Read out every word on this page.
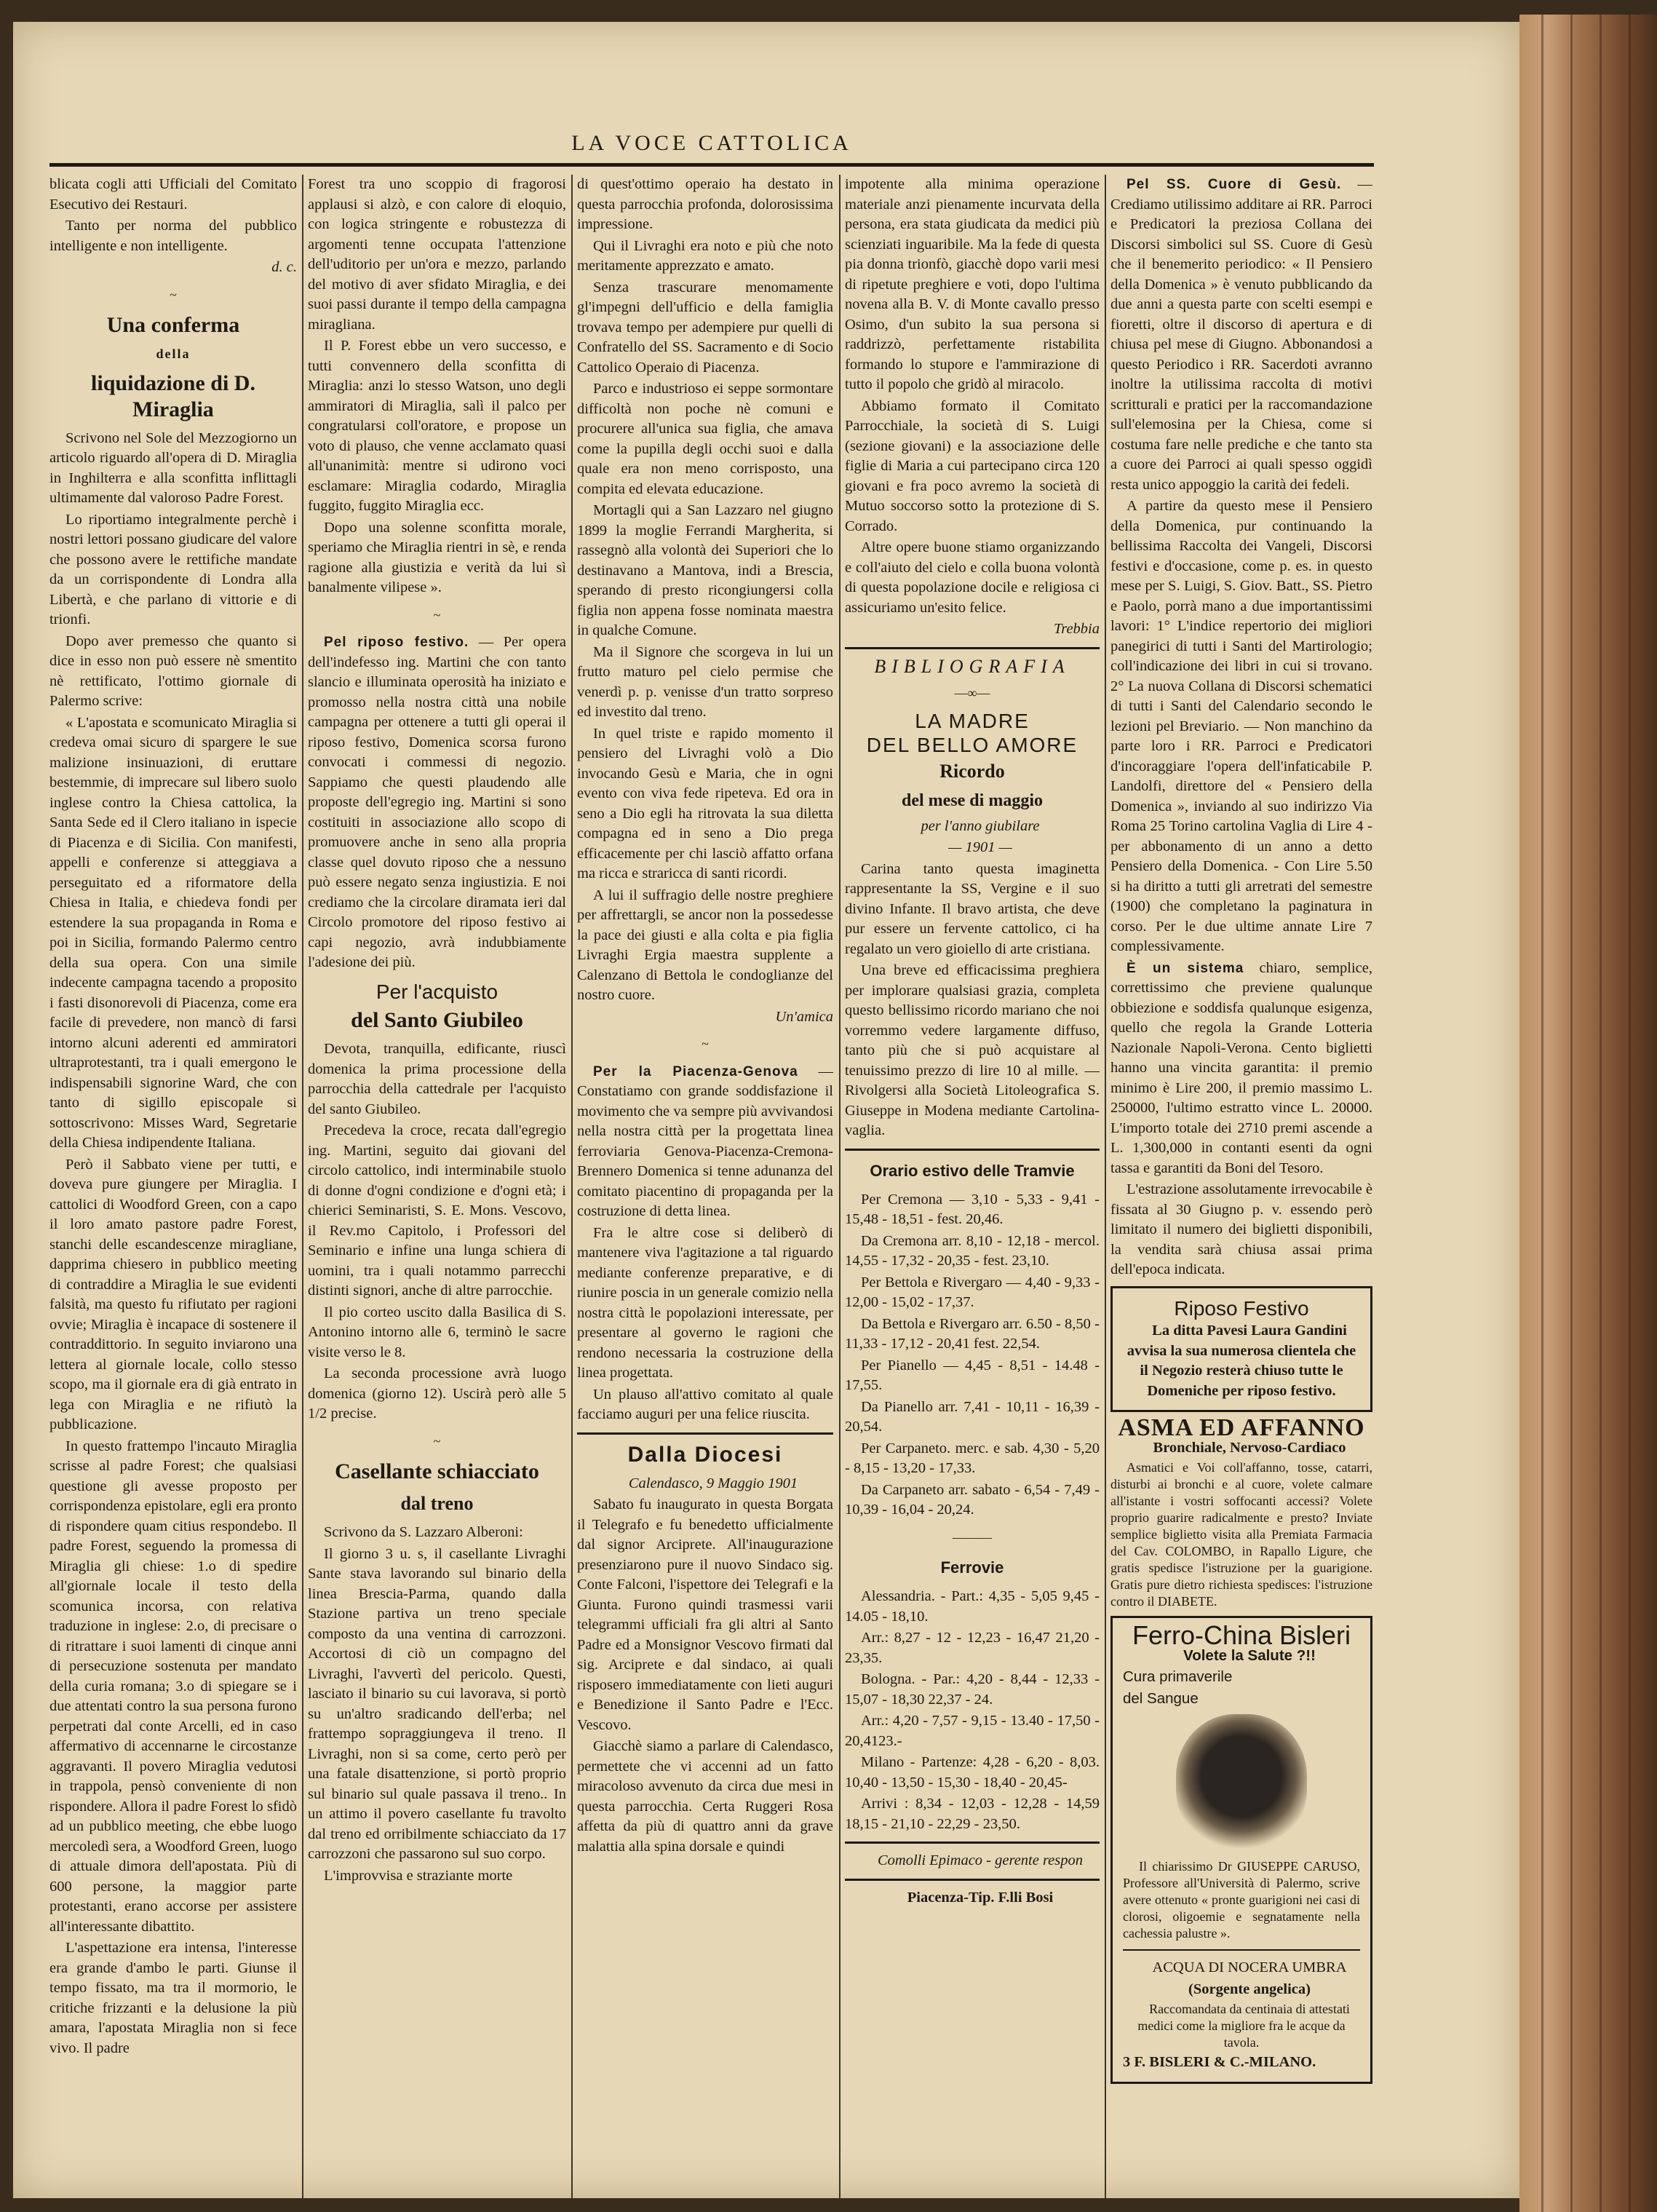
LA VOCE CATTOLICA

blicata cogli atti Ufficiali del Comitato Esecutivo dei Restauri.

Tanto per norma del pubblico intelligente e non intelligente.

d. c.

~
Una conferma
della
liquidazione di D. Miraglia

Scrivono nel Sole del Mezzogiorno un articolo riguardo all'opera di D. Miraglia in Inghilterra e alla sconfitta inflittagli ultimamente dal valoroso Padre Forest.

Lo riportiamo integralmente perchè i nostri lettori possano giudicare del valore che possono avere le rettifiche mandate da un corrispondente di Londra alla Libertà, e che parlano di vittorie e di trionfi.

Dopo aver premesso che quanto si dice in esso non può essere nè smentito nè rettificato, l'ottimo giornale di Palermo scrive:

« L'apostata e scomunicato Miraglia si credeva omai sicuro di spargere le sue malizione insinuazioni, di eruttare bestemmie, di imprecare sul libero suolo inglese contro la Chiesa cattolica, la Santa Sede ed il Clero italiano in ispecie di Piacenza e di Sicilia. Con manifesti, appelli e conferenze si atteggiava a perseguitato ed a riformatore della Chiesa in Italia, e chiedeva fondi per estendere la sua propaganda in Roma e poi in Sicilia, formando Palermo centro della sua opera. Con una simile indecente campagna tacendo a proposito i fasti disonorevoli di Piacenza, come era facile di prevedere, non mancò di farsi intorno alcuni aderenti ed ammiratori ultraprotestanti, tra i quali emergono le indispensabili signorine Ward, che con tanto di sigillo episcopale si sottoscrivono: Misses Ward, Segretarie della Chiesa indipendente Italiana.

Però il Sabbato viene per tutti, e doveva pure giungere per Miraglia. I cattolici di Woodford Green, con a capo il loro amato pastore padre Forest, stanchi delle escandescenze miragliane, dapprima chiesero in pubblico meeting di contraddire a Miraglia le sue evidenti falsità, ma questo fu rifiutato per ragioni ovvie; Miraglia è incapace di sostenere il contraddittorio. In seguito inviarono una lettera al giornale locale, collo stesso scopo, ma il giornale era di già entrato in lega con Miraglia e ne rifiutò la pubblicazione.

In questo frattempo l'incauto Miraglia scrisse al padre Forest; che qualsiasi questione gli avesse proposto per corrispondenza epistolare, egli era pronto di rispondere quam citius respondebo. Il padre Forest, seguendo la promessa di Miraglia gli chiese: 1.o di spedire all'giornale locale il testo della scomunica incorsa, con relativa traduzione in inglese: 2.o, di precisare o di ritrattare i suoi lamenti di cinque anni di persecuzione sostenuta per mandato della curia romana; 3.o di spiegare se i due attentati contro la sua persona furono perpetrati dal conte Arcelli, ed in caso affermativo di accennarne le circostanze aggravanti. Il povero Miraglia vedutosi in trappola, pensò conveniente di non rispondere. Allora il padre Forest lo sfidò ad un pubblico meeting, che ebbe luogo mercoledì sera, a Woodford Green, luogo di attuale dimora dell'apostata. Più di 600 persone, la maggior parte protestanti, erano accorse per assistere all'interessante dibattito.

L'aspettazione era intensa, l'interesse era grande d'ambo le parti. Giunse il tempo fissato, ma tra il mormorio, le critiche frizzanti e la delusione la più amara, l'apostata Miraglia non si fece vivo. Il padre

Forest tra uno scoppio di fragorosi applausi si alzò, e con calore di eloquio, con logica stringente e robustezza di argomenti tenne occupata l'attenzione dell'uditorio per un'ora e mezzo, parlando del motivo di aver sfidato Miraglia, e dei suoi passi durante il tempo della campagna miragliana.

Il P. Forest ebbe un vero successo, e tutti convennero della sconfitta di Miraglia: anzi lo stesso Watson, uno degli ammiratori di Miraglia, salì il palco per congratularsi coll'oratore, e propose un voto di plauso, che venne acclamato quasi all'unanimità: mentre si udirono voci esclamare: Miraglia codardo, Miraglia fuggito, fuggito Miraglia ecc.

Dopo una solenne sconfitta morale, speriamo che Miraglia rientri in sè, e renda ragione alla giustizia e verità da lui sì banalmente vilipese ».

~

Pel riposo festivo. — Per opera dell'indefesso ing. Martini che con tanto slancio e illuminata operosità ha iniziato e promosso nella nostra città una nobile campagna per ottenere a tutti gli operai il riposo festivo, Domenica scorsa furono convocati i commessi di negozio. Sappiamo che questi plaudendo alle proposte dell'egregio ing. Martini si sono costituiti in associazione allo scopo di promuovere anche in seno alla propria classe quel dovuto riposo che a nessuno può essere negato senza ingiustizia. E noi crediamo che la circolare diramata ieri dal Circolo promotore del riposo festivo ai capi negozio, avrà indubbiamente l'adesione dei più.

Per l'acquisto
del Santo Giubileo

Devota, tranquilla, edificante, riuscì domenica la prima processione della parrocchia della cattedrale per l'acquisto del santo Giubileo.

Precedeva la croce, recata dall'egregio ing. Martini, seguito dai giovani del circolo cattolico, indi interminabile stuolo di donne d'ogni condizione e d'ogni età; i chierici Seminaristi, S. E. Mons. Vescovo, il Rev.mo Capitolo, i Professori del Seminario e infine una lunga schiera di uomini, tra i quali notammo parrecchi distinti signori, anche di altre parrocchie.

Il pio corteo uscito dalla Basilica di S. Antonino intorno alle 6, terminò le sacre visite verso le 8.

La seconda processione avrà luogo domenica (giorno 12). Uscirà però alle 5 1/2 precise.

~
Casellante schiacciato
dal treno

Scrivono da S. Lazzaro Alberoni:

Il giorno 3 u. s, il casellante Livraghi Sante stava lavorando sul binario della linea Brescia-Parma, quando dalla Stazione partiva un treno speciale composto da una ventina di carrozzoni. Accortosi di ciò un compagno del Livraghi, l'avvertì del pericolo. Questi, lasciato il binario su cui lavorava, si portò su un'altro sradicando dell'erba; nel frattempo sopraggiungeva il treno. Il Livraghi, non si sa come, certo però per una fatale disattenzione, si portò proprio sul binario sul quale passava il treno.. In un attimo il povero casellante fu travolto dal treno ed orribilmente schiacciato da 17 carrozzoni che passarono sul suo corpo.

L'improvvisa e straziante morte

di quest'ottimo operaio ha destato in questa parrocchia profonda, dolorosissima impressione.

Qui il Livraghi era noto e più che noto meritamente apprezzato e amato.

Senza trascurare menomamente gl'impegni dell'ufficio e della famiglia trovava tempo per adempiere pur quelli di Confratello del SS. Sacramento e di Socio Cattolico Operaio di Piacenza.

Parco e industrioso ei seppe sormontare difficoltà non poche nè comuni e procurere all'unica sua figlia, che amava come la pupilla degli occhi suoi e dalla quale era non meno corrisposto, una compita ed elevata educazione.

Mortagli qui a San Lazzaro nel giugno 1899 la moglie Ferrandi Margherita, si rassegnò alla volontà dei Superiori che lo destinavano a Mantova, indi a Brescia, sperando di presto ricongiungersi colla figlia non appena fosse nominata maestra in qualche Comune.

Ma il Signore che scorgeva in lui un frutto maturo pel cielo permise che venerdì p. p. venisse d'un tratto sorpreso ed investito dal treno.

In quel triste e rapido momento il pensiero del Livraghi volò a Dio invocando Gesù e Maria, che in ogni evento con viva fede ripeteva. Ed ora in seno a Dio egli ha ritrovata la sua diletta compagna ed in seno a Dio prega efficacemente per chi lasciò affatto orfana ma ricca e straricca di santi ricordi.

A lui il suffragio delle nostre preghiere per affrettargli, se ancor non la possedesse la pace dei giusti e alla colta e pia figlia Livraghi Ergia maestra supplente a Calenzano di Bettola le condoglianze del nostro cuore.

Un'amica

~

Per la Piacenza-Genova — Constatiamo con grande soddisfazione il movimento che va sempre più avvivandosi nella nostra città per la progettata linea ferroviaria Genova-Piacenza-Cremona-Brennero Domenica si tenne adunanza del comitato piacentino di propaganda per la costruzione di detta linea.

Fra le altre cose si deliberò di mantenere viva l'agitazione a tal riguardo mediante conferenze preparative, e di riunire poscia in un generale comizio nella nostra città le popolazioni interessate, per presentare al governo le ragioni che rendono necessaria la costruzione della linea progettata.

Un plauso all'attivo comitato al quale facciamo auguri per una felice riuscita.

Dalla Diocesi

Calendasco, 9 Maggio 1901

Sabato fu inaugurato in questa Borgata il Telegrafo e fu benedetto ufficialmente dal signor Arciprete. All'inaugurazione presenziarono pure il nuovo Sindaco sig. Conte Falconi, l'ispettore dei Telegrafi e la Giunta. Furono quindi trasmessi varii telegrammi ufficiali fra gli altri al Santo Padre ed a Monsignor Vescovo firmati dal sig. Arciprete e dal sindaco, ai quali risposero immediatamente con lieti auguri e Benedizione il Santo Padre e l'Ecc. Vescovo.

Giacchè siamo a parlare di Calendasco, permettete che vi accenni ad un fatto miracoloso avvenuto da circa due mesi in questa parrocchia. Certa Ruggeri Rosa affetta da più di quattro anni da grave malattia alla spina dorsale e quindi

impotente alla minima operazione materiale anzi pienamente incurvata della persona, era stata giudicata da medici più scienziati inguaribile. Ma la fede di questa pia donna trionfò, giacchè dopo varii mesi di ripetute preghiere e voti, dopo l'ultima novena alla B. V. di Monte cavallo presso Osimo, d'un subito la sua persona si raddrizzò, perfettamente ristabilita formando lo stupore e l'ammirazione di tutto il popolo che gridò al miracolo.

Abbiamo formato il Comitato Parrocchiale, la società di S. Luigi (sezione giovani) e la associazione delle figlie di Maria a cui partecipano circa 120 giovani e fra poco avremo la società di Mutuo soccorso sotto la protezione di S. Corrado.

Altre opere buone stiamo organizzando e coll'aiuto del cielo e colla buona volontà di questa popolazione docile e religiosa ci assicuriamo un'esito felice.

Trebbia

BIBLIOGRAFIA
—∞—
LA MADRE
DEL BELLO AMORE
Ricordo
del mese di maggio

per l'anno giubilare

— 1901 —

Carina tanto questa imaginetta rappresentante la SS, Vergine e il suo divino Infante. Il bravo artista, che deve pur essere un fervente cattolico, ci ha regalato un vero gioiello di arte cristiana.

Una breve ed efficacissima preghiera per implorare qualsiasi grazia, completa questo bellissimo ricordo mariano che noi vorremmo vedere largamente diffuso, tanto più che si può acquistare al tenuissimo prezzo di lire 10 al mille. — Rivolgersi alla Società Litoleografica S. Giuseppe in Modena mediante Cartolina-vaglia.

Orario estivo delle Tramvie

Per Cremona — 3,10 - 5,33 - 9,41 - 15,48 - 18,51 - fest. 20,46.

Da Cremona arr. 8,10 - 12,18 - mercol. 14,55 - 17,32 - 20,35 - fest. 23,10.

Per Bettola e Rivergaro — 4,40 - 9,33 - 12,00 - 15,02 - 17,37.

Da Bettola e Rivergaro arr. 6.50 - 8,50 - 11,33 - 17,12 - 20,41 fest. 22,54.

Per Pianello — 4,45 - 8,51 - 14.48 - 17,55.

Da Pianello arr. 7,41 - 10,11 - 16,39 - 20,54.

Per Carpaneto. merc. e sab. 4,30 - 5,20 - 8,15 - 13,20 - 17,33.

Da Carpaneto arr. sabato - 6,54 - 7,49 - 10,39 - 16,04 - 20,24.

———
Ferrovie

Alessandria. - Part.: 4,35 - 5,05 9,45 - 14.05 - 18,10.

Arr.: 8,27 - 12 - 12,23 - 16,47 21,20 - 23,35.

Bologna. - Par.: 4,20 - 8,44 - 12,33 - 15,07 - 18,30 22,37 - 24.

Arr.: 4,20 - 7,57 - 9,15 - 13.40 - 17,50 - 20,4123.-

Milano - Partenze: 4,28 - 6,20 - 8,03. 10,40 - 13,50 - 15,30 - 18,40 - 20,45-

Arrivi : 8,34 - 12,03 - 12,28 - 14,59 18,15 - 21,10 - 22,29 - 23,50.

Comolli Epimaco - gerente respon

Piacenza-Tip. F.lli Bosi

Pel SS. Cuore di Gesù. — Crediamo utilissimo additare ai RR. Parroci e Predicatori la preziosa Collana dei Discorsi simbolici sul SS. Cuore di Gesù che il benemerito periodico: « Il Pensiero della Domenica » è venuto pubblicando da due anni a questa parte con scelti esempi e fioretti, oltre il discorso di apertura e di chiusa pel mese di Giugno. Abbonandosi a questo Periodico i RR. Sacerdoti avranno inoltre la utilissima raccolta di motivi scritturali e pratici per la raccomandazione sull'elemosina per la Chiesa, come si costuma fare nelle prediche e che tanto sta a cuore dei Parroci ai quali spesso oggidì resta unico appoggio la carità dei fedeli.

A partire da questo mese il Pensiero della Domenica, pur continuando la bellissima Raccolta dei Vangeli, Discorsi festivi e d'occasione, come p. es. in questo mese per S. Luigi, S. Giov. Batt., SS. Pietro e Paolo, porrà mano a due importantissimi lavori: 1° L'indice repertorio dei migliori panegirici di tutti i Santi del Martirologio; coll'indicazione dei libri in cui si trovano. 2° La nuova Collana di Discorsi schematici di tutti i Santi del Calendario secondo le lezioni pel Breviario. — Non manchino da parte loro i RR. Parroci e Predicatori d'incoraggiare l'opera dell'infaticabile P. Landolfi, direttore del « Pensiero della Domenica », inviando al suo indirizzo Via Roma 25 Torino cartolina Vaglia di Lire 4 - per abbonamento di un anno a detto Pensiero della Domenica. - Con Lire 5.50 si ha diritto a tutti gli arretrati del semestre (1900) che completano la paginatura in corso. Per le due ultime annate Lire 7 complessivamente.

È un sistema chiaro, semplice, correttissimo che previene qualunque obbiezione e soddisfa qualunque esigenza, quello che regola la Grande Lotteria Nazionale Napoli-Verona. Cento biglietti hanno una vincita garantita: il premio minimo è Lire 200, il premio massimo L. 250000, l'ultimo estratto vince L. 20000. L'importo totale dei 2710 premi ascende a L. 1,300,000 in contanti esenti da ogni tassa e garantiti da Boni del Tesoro.

L'estrazione assolutamente irrevocabile è fissata al 30 Giugno p. v. essendo però limitato il numero dei biglietti disponibili, la vendita sarà chiusa assai prima dell'epoca indicata.

Riposo Festivo

La ditta Pavesi Laura Gandini avvisa la sua numerosa clientela che il Negozio resterà chiuso tutte le Domeniche per riposo festivo.

ASMA ED AFFANNO

Bronchiale, Nervoso-Cardiaco

Asmatici e Voi coll'affanno, tosse, catarri, disturbi ai bronchi e al cuore, volete calmare all'istante i vostri soffocanti accessi? Volete proprio guarire radicalmente e presto? Inviate semplice biglietto visita alla Premiata Farmacia del Cav. COLOMBO, in Rapallo Ligure, che gratis spedisce l'istruzione per la guarigione. Gratis pure dietro richiesta spedisces: l'istruzione contro il DIABETE.

Ferro-China Bisleri

Volete la Salute ?!!

Cura primaverile

del Sangue

Il chiarissimo Dr GIUSEPPE CARUSO, Professore all'Università di Palermo, scrive avere ottenuto « pronte guarigioni nei casi di clorosi, oligoemie e segnatamente nella cachessia palustre ».

ACQUA DI NOCERA UMBRA

(Sorgente angelica)

Raccomandata da centinaia di attestati medici come la migliore fra le acque da tavola.

3 F. BISLERI & C.-MILANO.
